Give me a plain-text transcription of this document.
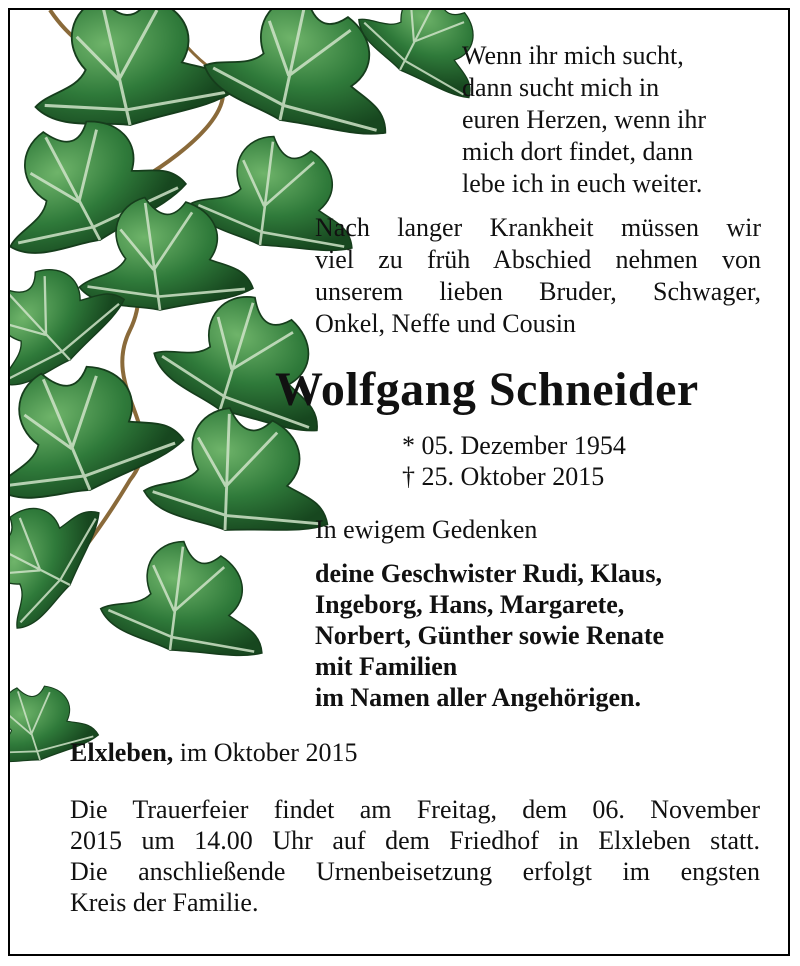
Wenn ihr mich sucht,
dann sucht mich in
euren Herzen, wenn ihr
mich dort findet, dann
lebe ich in euch weiter.
Nach langer Krankheit müssen wir
viel zu früh Abschied nehmen von
unserem lieben Bruder, Schwager,
Onkel, Neffe und Cousin
Wolfgang Schneider
* 05. Dezember 1954
† 25. Oktober 2015
In ewigem Gedenken
deine Geschwister Rudi, Klaus,
Ingeborg, Hans, Margarete,
Norbert, Günther sowie Renate
mit Familien
im Namen aller Angehörigen.
Elxleben, im Oktober 2015
Die Trauerfeier findet am Freitag, dem 06. November
2015 um 14.00 Uhr auf dem Friedhof in Elxleben statt.
Die anschließende Urnenbeisetzung erfolgt im engsten
Kreis der Familie.
